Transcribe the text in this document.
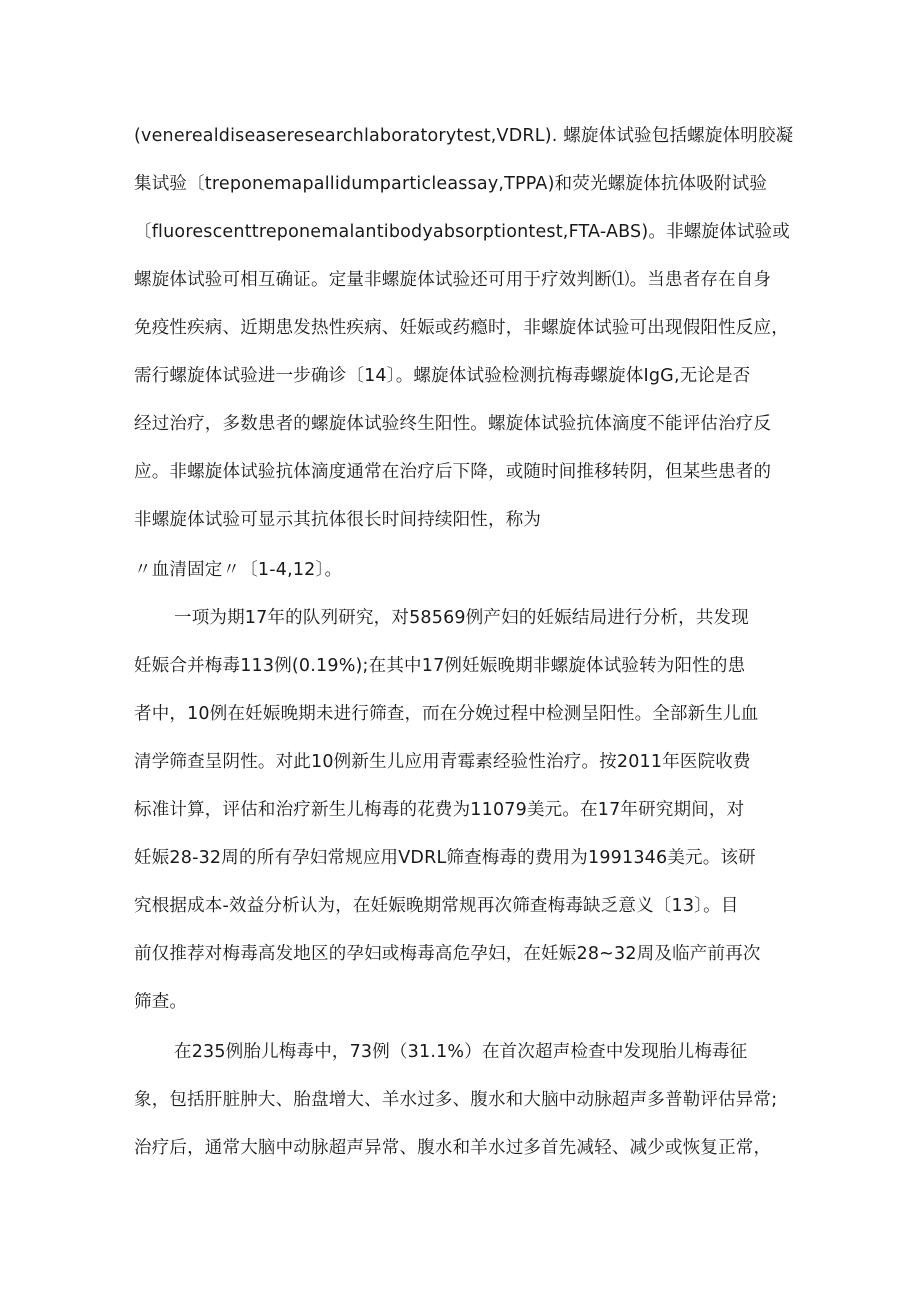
(venerealdiseaseresearchlaboratorytest,VDRL). 螺旋体试验包括螺旋体明胶凝
集试验〔treponemapallidumparticleassay,TPPA)和荧光螺旋体抗体吸附试验
〔fluorescenttreponemalantibodyabsorptiontest,FTA-ABS)。非螺旋体试验或
螺旋体试验可相互确证。定量非螺旋体试验还可用于疗效判断⑴。当患者存在自身
免疫性疾病、近期患发热性疾病、妊娠或药瘾时，非螺旋体试验可出现假阳性反应，
需行螺旋体试验进一步确诊〔14〕。螺旋体试验检测抗梅毒螺旋体IgG,无论是否
经过治疗，多数患者的螺旋体试验终生阳性。螺旋体试验抗体滴度不能评估治疗反
应。非螺旋体试验抗体滴度通常在治疗后下降，或随时间推移转阴，但某些患者的
非螺旋体试验可显示其抗体很长时间持续阳性，称为
〃血清固定〃〔1-4,12〕。
一项为期17年的队列研究，对58569例产妇的妊娠结局进行分析，共发现
妊娠合并梅毒113例(0.19%);在其中17例妊娠晚期非螺旋体试验转为阳性的患
者中，10例在妊娠晚期未进行筛查，而在分娩过程中检测呈阳性。全部新生儿血
清学筛查呈阴性。对此10例新生儿应用青霉素经验性治疗。按2011年医院收费
标准计算，评估和治疗新生儿梅毒的花费为11079美元。在17年研究期间，对
妊娠28-32周的所有孕妇常规应用VDRL筛查梅毒的费用为1991346美元。该研
究根据成本-效益分析认为，在妊娠晚期常规再次筛查梅毒缺乏意义〔13〕。目
前仅推荐对梅毒高发地区的孕妇或梅毒高危孕妇，在妊娠28~32周及临产前再次
筛查。
在235例胎儿梅毒中，73例（31.1%）在首次超声检查中发现胎儿梅毒征
象，包括肝脏肿大、胎盘增大、羊水过多、腹水和大脑中动脉超声多普勒评估异常;
治疗后，通常大脑中动脉超声异常、腹水和羊水过多首先减轻、减少或恢复正常，
